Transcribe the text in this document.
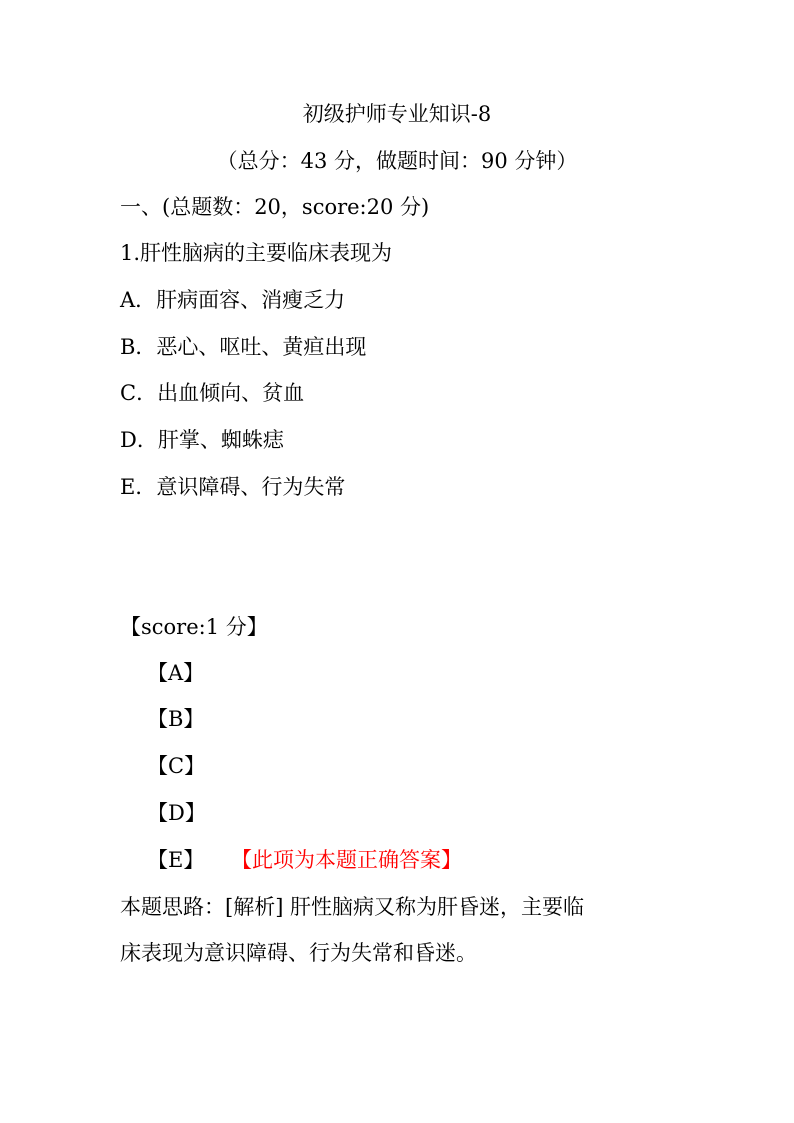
初级护师专业知识-8
（总分：43 分，做题时间：90 分钟）
一、(总题数：20，score:20 分)
1.肝性脑病的主要临床表现为
A．肝病面容、消瘦乏力
B．恶心、呕吐、黄疸出现
C．出血倾向、贫血
D．肝掌、蜘蛛痣
E．意识障碍、行为失常
【score:1 分】
【A】
【B】
【C】
【D】
【E】 【此项为本题正确答案】
本题思路：[解析] 肝性脑病又称为肝昏迷，主要临
床表现为意识障碍、行为失常和昏迷。
